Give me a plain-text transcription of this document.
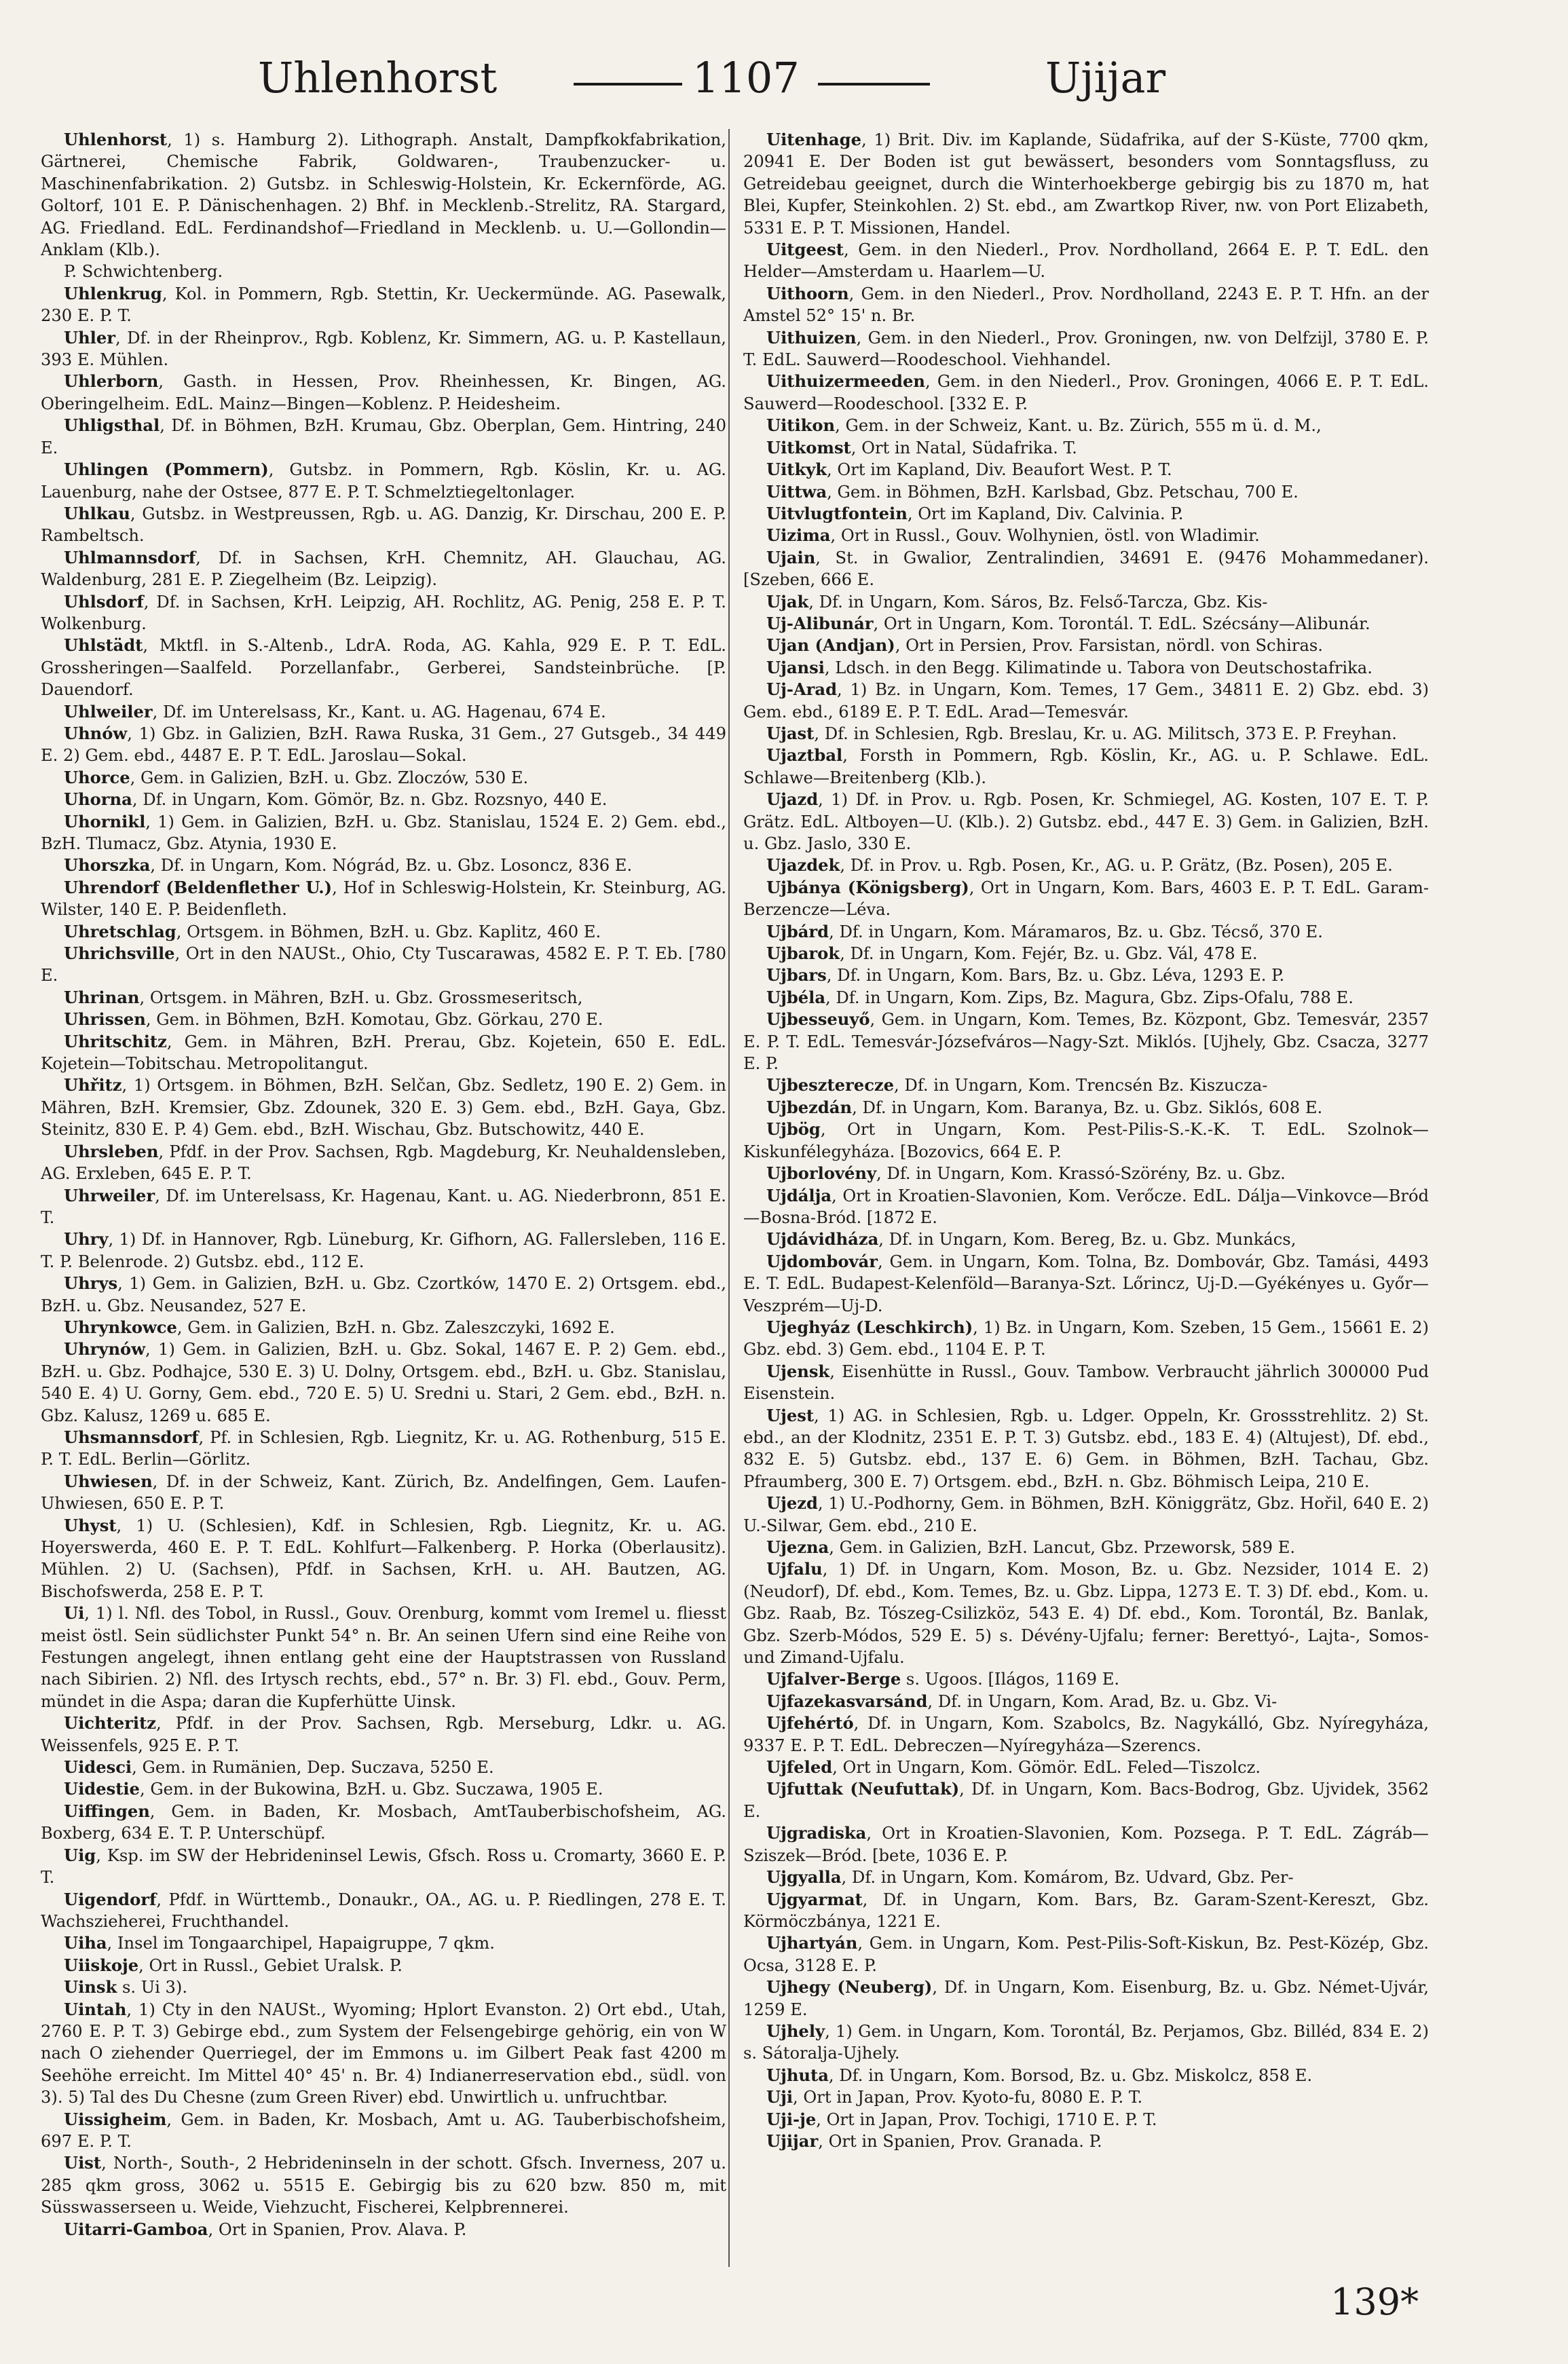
Uhlenhorst	1107	Ujijar

Uhlenhorst, 1) s. Hamburg 2). Lithograph. Anstalt, Dampfkokfabrikation, Gärtnerei, Chemische Fabrik, Goldwaren-, Traubenzucker- u. Maschinenfabrikation. 2) Gutsbz. in Schleswig-Holstein, Kr. Eckernförde, AG. Goltorf, 101 E. P. Dänischenhagen. 2) Bhf. in Mecklenb.-Strelitz, RA. Stargard, AG. Friedland. EdL. Ferdinandshof—Friedland in Mecklenb. u. U.—Gollondin—Anklam (Klb.).

P. Schwichtenberg.

Uhlenkrug, Kol. in Pommern, Rgb. Stettin, Kr. Ueckermünde. AG. Pasewalk, 230 E. P. T.

Uhler, Df. in der Rheinprov., Rgb. Koblenz, Kr. Simmern, AG. u. P. Kastellaun, 393 E. Mühlen.

Uhlerborn, Gasth. in Hessen, Prov. Rheinhessen, Kr. Bingen, AG. Oberingelheim. EdL. Mainz—Bingen—Koblenz. P. Heidesheim.

Uhligsthal, Df. in Böhmen, BzH. Krumau, Gbz. Oberplan, Gem. Hintring, 240 E.

Uhlingen (Pommern), Gutsbz. in Pommern, Rgb. Köslin, Kr. u. AG. Lauenburg, nahe der Ostsee, 877 E. P. T. Schmelztiegeltonlager.

Uhlkau, Gutsbz. in Westpreussen, Rgb. u. AG. Danzig, Kr. Dirschau, 200 E. P. Rambeltsch.

Uhlmannsdorf, Df. in Sachsen, KrH. Chemnitz, AH. Glauchau, AG. Waldenburg, 281 E. P. Ziegelheim (Bz. Leipzig).

Uhlsdorf, Df. in Sachsen, KrH. Leipzig, AH. Rochlitz, AG. Penig, 258 E. P. T. Wolkenburg.

Uhlstädt, Mktfl. in S.-Altenb., LdrA. Roda, AG. Kahla, 929 E. P. T. EdL. Grossheringen—Saalfeld. Porzellanfabr., Gerberei, Sandsteinbrüche. [P. Dauendorf.

Uhlweiler, Df. im Unterelsass, Kr., Kant. u. AG. Hagenau, 674 E.

Uhnów, 1) Gbz. in Galizien, BzH. Rawa Ruska, 31 Gem., 27 Gutsgeb., 34 449 E. 2) Gem. ebd., 4487 E. P. T. EdL. Jaroslau—Sokal.

Uhorce, Gem. in Galizien, BzH. u. Gbz. Zloczów, 530 E.

Uhorna, Df. in Ungarn, Kom. Gömör, Bz. n. Gbz. Rozsnyo, 440 E.

Uhornikl, 1) Gem. in Galizien, BzH. u. Gbz. Stanislau, 1524 E. 2) Gem. ebd., BzH. Tlumacz, Gbz. Atynia, 1930 E.

Uhorszka, Df. in Ungarn, Kom. Nógrád, Bz. u. Gbz. Losoncz, 836 E.

Uhrendorf (Beldenflether U.), Hof in Schleswig-Holstein, Kr. Steinburg, AG. Wilster, 140 E. P. Beidenfleth.

Uhretschlag, Ortsgem. in Böhmen, BzH. u. Gbz. Kaplitz, 460 E.

Uhrichsville, Ort in den NAUSt., Ohio, Cty Tuscarawas, 4582 E. P. T. Eb. [780 E.

Uhrinan, Ortsgem. in Mähren, BzH. u. Gbz. Grossmeseritsch,

Uhrissen, Gem. in Böhmen, BzH. Komotau, Gbz. Görkau, 270 E.

Uhritschitz, Gem. in Mähren, BzH. Prerau, Gbz. Kojetein, 650 E. EdL. Kojetein—Tobitschau. Metropolitangut.

Uhřitz, 1) Ortsgem. in Böhmen, BzH. Selčan, Gbz. Sedletz, 190 E. 2) Gem. in Mähren, BzH. Kremsier, Gbz. Zdounek, 320 E. 3) Gem. ebd., BzH. Gaya, Gbz. Steinitz, 830 E. P. 4) Gem. ebd., BzH. Wischau, Gbz. Butschowitz, 440 E.

Uhrsleben, Pfdf. in der Prov. Sachsen, Rgb. Magdeburg, Kr. Neuhaldensleben, AG. Erxleben, 645 E. P. T.

Uhrweiler, Df. im Unterelsass, Kr. Hagenau, Kant. u. AG. Niederbronn, 851 E. T.

Uhry, 1) Df. in Hannover, Rgb. Lüneburg, Kr. Gifhorn, AG. Fallersleben, 116 E. T. P. Belenrode. 2) Gutsbz. ebd., 112 E.

Uhrys, 1) Gem. in Galizien, BzH. u. Gbz. Czortków, 1470 E. 2) Ortsgem. ebd., BzH. u. Gbz. Neusandez, 527 E.

Uhrynkowce, Gem. in Galizien, BzH. n. Gbz. Zaleszczyki, 1692 E.

Uhrynów, 1) Gem. in Galizien, BzH. u. Gbz. Sokal, 1467 E. P. 2) Gem. ebd., BzH. u. Gbz. Podhajce, 530 E. 3) U. Dolny, Ortsgem. ebd., BzH. u. Gbz. Stanislau, 540 E. 4) U. Gorny, Gem. ebd., 720 E. 5) U. Sredni u. Stari, 2 Gem. ebd., BzH. n. Gbz. Kalusz, 1269 u. 685 E.

Uhsmannsdorf, Pf. in Schlesien, Rgb. Liegnitz, Kr. u. AG. Rothenburg, 515 E. P. T. EdL. Berlin—Görlitz.

Uhwiesen, Df. in der Schweiz, Kant. Zürich, Bz. Andelfingen, Gem. Laufen-Uhwiesen, 650 E. P. T.

Uhyst, 1) U. (Schlesien), Kdf. in Schlesien, Rgb. Liegnitz, Kr. u. AG. Hoyerswerda, 460 E. P. T. EdL. Kohlfurt—Falkenberg. P. Horka (Oberlausitz). Mühlen. 2) U. (Sachsen), Pfdf. in Sachsen, KrH. u. AH. Bautzen, AG. Bischofswerda, 258 E. P. T.

Ui, 1) l. Nfl. des Tobol, in Russl., Gouv. Orenburg, kommt vom Iremel u. fliesst meist östl. Sein südlichster Punkt 54° n. Br. An seinen Ufern sind eine Reihe von Festungen angelegt, ihnen entlang geht eine der Hauptstrassen von Russland nach Sibirien. 2) Nfl. des Irtysch rechts, ebd., 57° n. Br. 3) Fl. ebd., Gouv. Perm, mündet in die Aspa; daran die Kupferhütte Uinsk.

Uichteritz, Pfdf. in der Prov. Sachsen, Rgb. Merseburg, Ldkr. u. AG. Weissenfels, 925 E. P. T.

Uidesci, Gem. in Rumänien, Dep. Suczava, 5250 E.

Uidestie, Gem. in der Bukowina, BzH. u. Gbz. Suczawa, 1905 E.

Uiffingen, Gem. in Baden, Kr. Mosbach, AmtTauberbischofsheim, AG. Boxberg, 634 E. T. P. Unterschüpf.

Uig, Ksp. im SW der Hebrideninsel Lewis, Gfsch. Ross u. Cromarty, 3660 E. P. T.

Uigendorf, Pfdf. in Württemb., Donaukr., OA., AG. u. P. Riedlingen, 278 E. T. Wachszieherei, Fruchthandel.

Uiha, Insel im Tongaarchipel, Hapaigruppe, 7 qkm.

Uiiskoje, Ort in Russl., Gebiet Uralsk. P.

Uinsk s. Ui 3).

Uintah, 1) Cty in den NAUSt., Wyoming; Hplort Evanston. 2) Ort ebd., Utah, 2760 E. P. T. 3) Gebirge ebd., zum System der Felsengebirge gehörig, ein von W nach O ziehender Querriegel, der im Emmons u. im Gilbert Peak fast 4200 m Seehöhe erreicht. Im Mittel 40° 45' n. Br. 4) Indianerreservation ebd., südl. von 3). 5) Tal des Du Chesne (zum Green River) ebd. Unwirtlich u. unfruchtbar.

Uissigheim, Gem. in Baden, Kr. Mosbach, Amt u. AG. Tauberbischofsheim, 697 E. P. T.

Uist, North-, South-, 2 Hebrideninseln in der schott. Gfsch. Inverness, 207 u. 285 qkm gross, 3062 u. 5515 E. Gebirgig bis zu 620 bzw. 850 m, mit Süsswasserseen u. Weide, Viehzucht, Fischerei, Kelpbrennerei.

Uitarri-Gamboa, Ort in Spanien, Prov. Alava. P.

Uitenhage, 1) Brit. Div. im Kaplande, Südafrika, auf der S-Küste, 7700 qkm, 20941 E. Der Boden ist gut bewässert, besonders vom Sonntagsfluss, zu Getreidebau geeignet, durch die Winterhoekberge gebirgig bis zu 1870 m, hat Blei, Kupfer, Steinkohlen. 2) St. ebd., am Zwartkop River, nw. von Port Elizabeth, 5331 E. P. T. Missionen, Handel.

Uitgeest, Gem. in den Niederl., Prov. Nordholland, 2664 E. P. T. EdL. den Helder—Amsterdam u. Haarlem—U.

Uithoorn, Gem. in den Niederl., Prov. Nordholland, 2243 E. P. T. Hfn. an der Amstel 52° 15' n. Br.

Uithuizen, Gem. in den Niederl., Prov. Groningen, nw. von Delfzijl, 3780 E. P. T. EdL. Sauwerd—Roodeschool. Viehhandel.

Uithuizermeeden, Gem. in den Niederl., Prov. Groningen, 4066 E. P. T. EdL. Sauwerd—Roodeschool. [332 E. P.

Uitikon, Gem. in der Schweiz, Kant. u. Bz. Zürich, 555 m ü. d. M.,

Uitkomst, Ort in Natal, Südafrika. T.

Uitkyk, Ort im Kapland, Div. Beaufort West. P. T.

Uittwa, Gem. in Böhmen, BzH. Karlsbad, Gbz. Petschau, 700 E.

Uitvlugtfontein, Ort im Kapland, Div. Calvinia. P.

Uizima, Ort in Russl., Gouv. Wolhynien, östl. von Wladimir.

Ujain, St. in Gwalior, Zentralindien, 34691 E. (9476 Mohammedaner). [Szeben, 666 E.

Ujak, Df. in Ungarn, Kom. Sáros, Bz. Felső-Tarcza, Gbz. Kis-

Uj-Alibunár, Ort in Ungarn, Kom. Torontál. T. EdL. Szécsány—Alibunár.

Ujan (Andjan), Ort in Persien, Prov. Farsistan, nördl. von Schiras.

Ujansi, Ldsch. in den Begg. Kilimatinde u. Tabora von Deutschostafrika.

Uj-Arad, 1) Bz. in Ungarn, Kom. Temes, 17 Gem., 34811 E. 2) Gbz. ebd. 3) Gem. ebd., 6189 E. P. T. EdL. Arad—Temesvár.

Ujast, Df. in Schlesien, Rgb. Breslau, Kr. u. AG. Militsch, 373 E. P. Freyhan.

Ujaztbal, Forsth in Pommern, Rgb. Köslin, Kr., AG. u. P. Schlawe. EdL. Schlawe—Breitenberg (Klb.).

Ujazd, 1) Df. in Prov. u. Rgb. Posen, Kr. Schmiegel, AG. Kosten, 107 E. T. P. Grätz. EdL. Altboyen—U. (Klb.). 2) Gutsbz. ebd., 447 E. 3) Gem. in Galizien, BzH. u. Gbz. Jaslo, 330 E.

Ujazdek, Df. in Prov. u. Rgb. Posen, Kr., AG. u. P. Grätz, (Bz. Posen), 205 E.

Ujbánya (Königsberg), Ort in Ungarn, Kom. Bars, 4603 E. P. T. EdL. Garam-Berzencze—Léva.

Ujbárd, Df. in Ungarn, Kom. Máramaros, Bz. u. Gbz. Técső, 370 E.

Ujbarok, Df. in Ungarn, Kom. Fejér, Bz. u. Gbz. Vál, 478 E.

Ujbars, Df. in Ungarn, Kom. Bars, Bz. u. Gbz. Léva, 1293 E. P.

Ujbéla, Df. in Ungarn, Kom. Zips, Bz. Magura, Gbz. Zips-Ofalu, 788 E.

Ujbesseuyő, Gem. in Ungarn, Kom. Temes, Bz. Központ, Gbz. Temesvár, 2357 E. P. T. EdL. Temesvár-Józsefváros—Nagy-Szt. Miklós. [Ujhely, Gbz. Csacza, 3277 E. P.

Ujbeszterecze, Df. in Ungarn, Kom. Trencsén Bz. Kiszucza-

Ujbezdán, Df. in Ungarn, Kom. Baranya, Bz. u. Gbz. Siklós, 608 E.

Ujbög, Ort in Ungarn, Kom. Pest-Pilis-S.-K.-K. T. EdL. Szolnok—Kiskunfélegyháza. [Bozovics, 664 E. P.

Ujborlovény, Df. in Ungarn, Kom. Krassó-Szörény, Bz. u. Gbz.

Ujdálja, Ort in Kroatien-Slavonien, Kom. Verőcze. EdL. Dálja—Vinkovce—Bród—Bosna-Bród. [1872 E.

Ujdávidháza, Df. in Ungarn, Kom. Bereg, Bz. u. Gbz. Munkács,

Ujdombovár, Gem. in Ungarn, Kom. Tolna, Bz. Dombovár, Gbz. Tamási, 4493 E. T. EdL. Budapest-Kelenföld—Baranya-Szt. Lőrincz, Uj-D.—Gyékényes u. Győr—Veszprém—Uj-D.

Ujeghyáz (Leschkirch), 1) Bz. in Ungarn, Kom. Szeben, 15 Gem., 15661 E. 2) Gbz. ebd. 3) Gem. ebd., 1104 E. P. T.

Ujensk, Eisenhütte in Russl., Gouv. Tambow. Verbraucht jährlich 300000 Pud Eisenstein.

Ujest, 1) AG. in Schlesien, Rgb. u. Ldger. Oppeln, Kr. Grossstrehlitz. 2) St. ebd., an der Klodnitz, 2351 E. P. T. 3) Gutsbz. ebd., 183 E. 4) (Altujest), Df. ebd., 832 E. 5) Gutsbz. ebd., 137 E. 6) Gem. in Böhmen, BzH. Tachau, Gbz. Pfraumberg, 300 E. 7) Ortsgem. ebd., BzH. n. Gbz. Böhmisch Leipa, 210 E.

Ujezd, 1) U.-Podhorny, Gem. in Böhmen, BzH. Königgrätz, Gbz. Hořil, 640 E. 2) U.-Silwar, Gem. ebd., 210 E.

Ujezna, Gem. in Galizien, BzH. Lancut, Gbz. Przeworsk, 589 E.

Ujfalu, 1) Df. in Ungarn, Kom. Moson, Bz. u. Gbz. Nezsider, 1014 E. 2) (Neudorf), Df. ebd., Kom. Temes, Bz. u. Gbz. Lippa, 1273 E. T. 3) Df. ebd., Kom. u. Gbz. Raab, Bz. Tószeg-Csilizköz, 543 E. 4) Df. ebd., Kom. Torontál, Bz. Banlak, Gbz. Szerb-Módos, 529 E. 5) s. Dévény-Ujfalu; ferner: Berettyó-, Lajta-, Somos- und Zimand-Ujfalu.

Ujfalver-Berge s. Ugoos. [Ilágos, 1169 E.

Ujfazekasvarsánd, Df. in Ungarn, Kom. Arad, Bz. u. Gbz. Vi-

Ujfehértó, Df. in Ungarn, Kom. Szabolcs, Bz. Nagykálló, Gbz. Nyíregyháza, 9337 E. P. T. EdL. Debreczen—Nyíregyháza—Szerencs.

Ujfeled, Ort in Ungarn, Kom. Gömör. EdL. Feled—Tiszolcz.

Ujfuttak (Neufuttak), Df. in Ungarn, Kom. Bacs-Bodrog, Gbz. Ujvidek, 3562 E.

Ujgradiska, Ort in Kroatien-Slavonien, Kom. Pozsega. P. T. EdL. Zágráb—Sziszek—Bród. [bete, 1036 E. P.

Ujgyalla, Df. in Ungarn, Kom. Komárom, Bz. Udvard, Gbz. Per-

Ujgyarmat, Df. in Ungarn, Kom. Bars, Bz. Garam-Szent-Kereszt, Gbz. Körmöczbánya, 1221 E.

Ujhartyán, Gem. in Ungarn, Kom. Pest-Pilis-Soft-Kiskun, Bz. Pest-Közép, Gbz. Ocsa, 3128 E. P.

Ujhegy (Neuberg), Df. in Ungarn, Kom. Eisenburg, Bz. u. Gbz. Német-Ujvár, 1259 E.

Ujhely, 1) Gem. in Ungarn, Kom. Torontál, Bz. Perjamos, Gbz. Billéd, 834 E. 2) s. Sátoralja-Ujhely.

Ujhuta, Df. in Ungarn, Kom. Borsod, Bz. u. Gbz. Miskolcz, 858 E.

Uji, Ort in Japan, Prov. Kyoto-fu, 8080 E. P. T.

Uji-je, Ort in Japan, Prov. Tochigi, 1710 E. P. T.

Ujijar, Ort in Spanien, Prov. Granada. P.

139*
